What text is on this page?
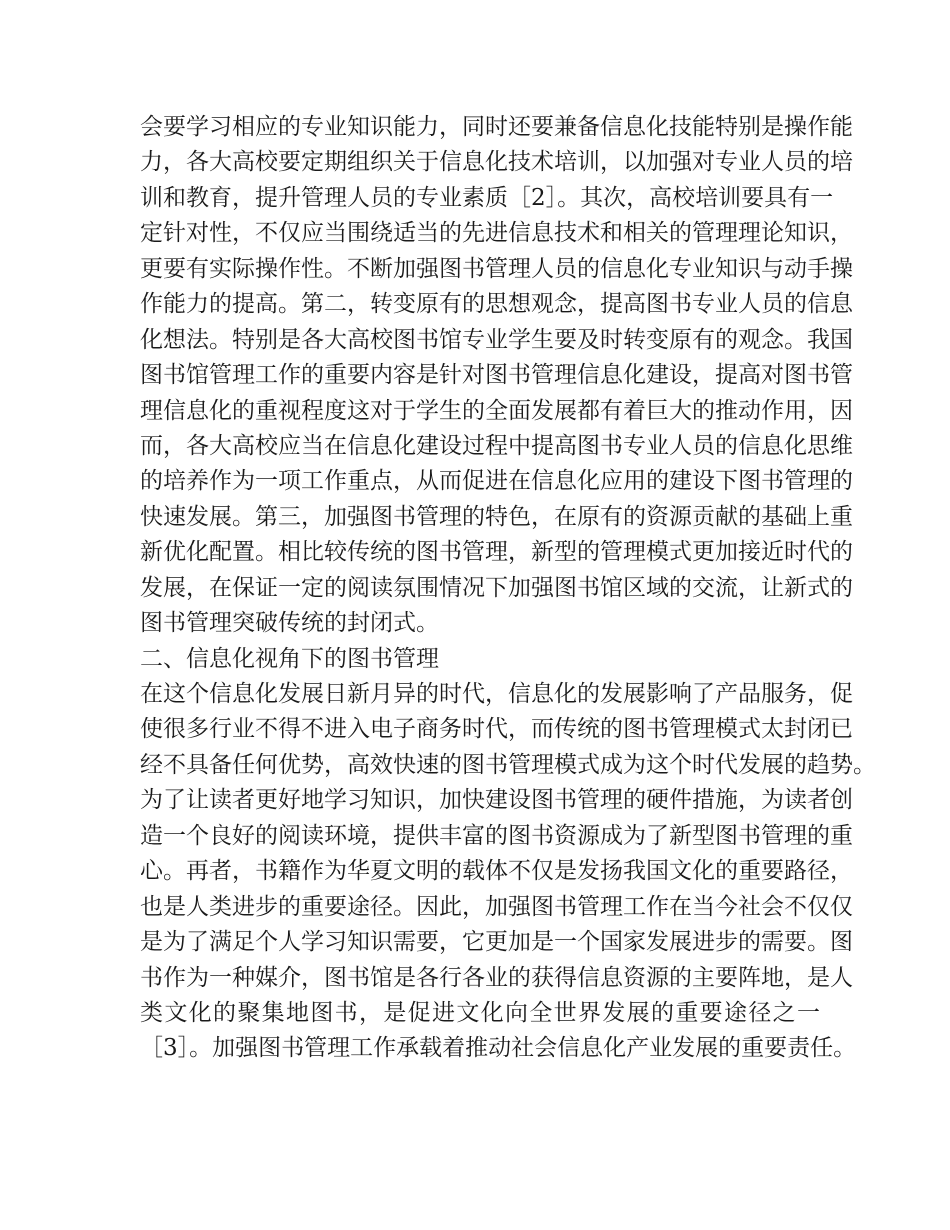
会要学习相应的专业知识能力，同时还要兼备信息化技能特别是操作能
力，各大高校要定期组织关于信息化技术培训，以加强对专业人员的培
训和教育，提升管理人员的专业素质［2］。其次，高校培训要具有一
定针对性，不仅应当围绕适当的先进信息技术和相关的管理理论知识，
更要有实际操作性。不断加强图书管理人员的信息化专业知识与动手操
作能力的提高。第二，转变原有的思想观念，提高图书专业人员的信息
化想法。特别是各大高校图书馆专业学生要及时转变原有的观念。我国
图书馆管理工作的重要内容是针对图书管理信息化建设，提高对图书管
理信息化的重视程度这对于学生的全面发展都有着巨大的推动作用，因
而，各大高校应当在信息化建设过程中提高图书专业人员的信息化思维
的培养作为一项工作重点，从而促进在信息化应用的建设下图书管理的
快速发展。第三，加强图书管理的特色，在原有的资源贡献的基础上重
新优化配置。相比较传统的图书管理，新型的管理模式更加接近时代的
发展，在保证一定的阅读氛围情况下加强图书馆区域的交流，让新式的
图书管理突破传统的封闭式。
二、信息化视角下的图书管理
在这个信息化发展日新月异的时代，信息化的发展影响了产品服务，促
使很多行业不得不进入电子商务时代，而传统的图书管理模式太封闭已
经不具备任何优势，高效快速的图书管理模式成为这个时代发展的趋势。
为了让读者更好地学习知识，加快建设图书管理的硬件措施，为读者创
造一个良好的阅读环境，提供丰富的图书资源成为了新型图书管理的重
心。再者，书籍作为华夏文明的载体不仅是发扬我国文化的重要路径，
也是人类进步的重要途径。因此，加强图书管理工作在当今社会不仅仅
是为了满足个人学习知识需要，它更加是一个国家发展进步的需要。图
书作为一种媒介，图书馆是各行各业的获得信息资源的主要阵地，是人
类文化的聚集地图书，是促进文化向全世界发展的重要途径之一
［3］。加强图书管理工作承载着推动社会信息化产业发展的重要责任。
